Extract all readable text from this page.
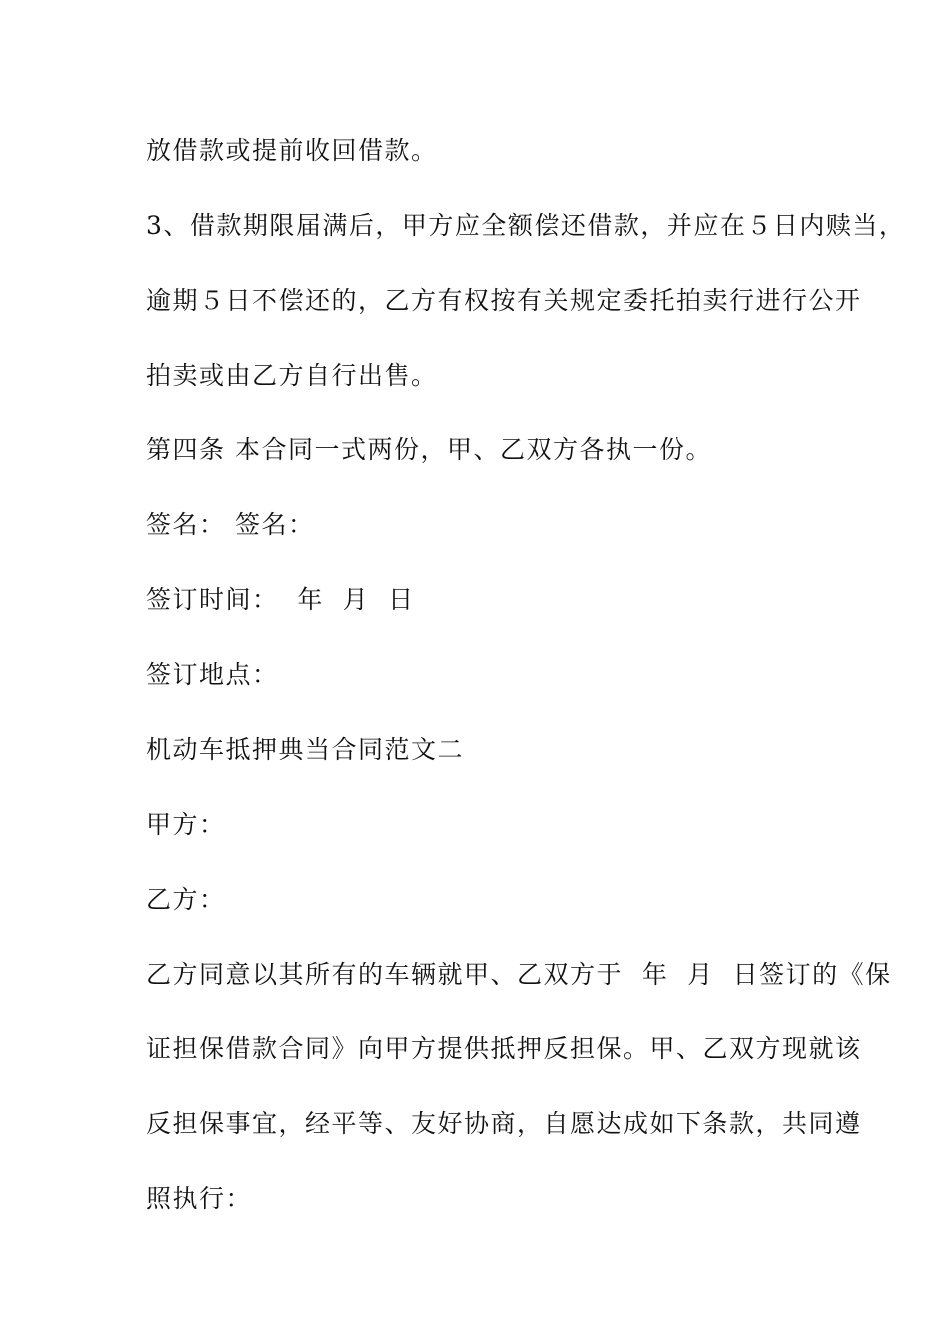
放借款或提前收回借款。
3、借款期限届满后，甲方应全额偿还借款，并应在５日内赎当，
逾期５日不偿还的，乙方有权按有关规定委托拍卖行进行公开
拍卖或由乙方自行出售。
第四条 本合同一式两份，甲、乙双方各执一份。
签名： 签名：
签订时间：  年  月  日
签订地点：
机动车抵押典当合同范文二
甲方：
乙方：
乙方同意以其所有的车辆就甲、乙双方于  年  月  日签订的《保
证担保借款合同》向甲方提供抵押反担保。甲、乙双方现就该
反担保事宜，经平等、友好协商，自愿达成如下条款，共同遵
照执行：
